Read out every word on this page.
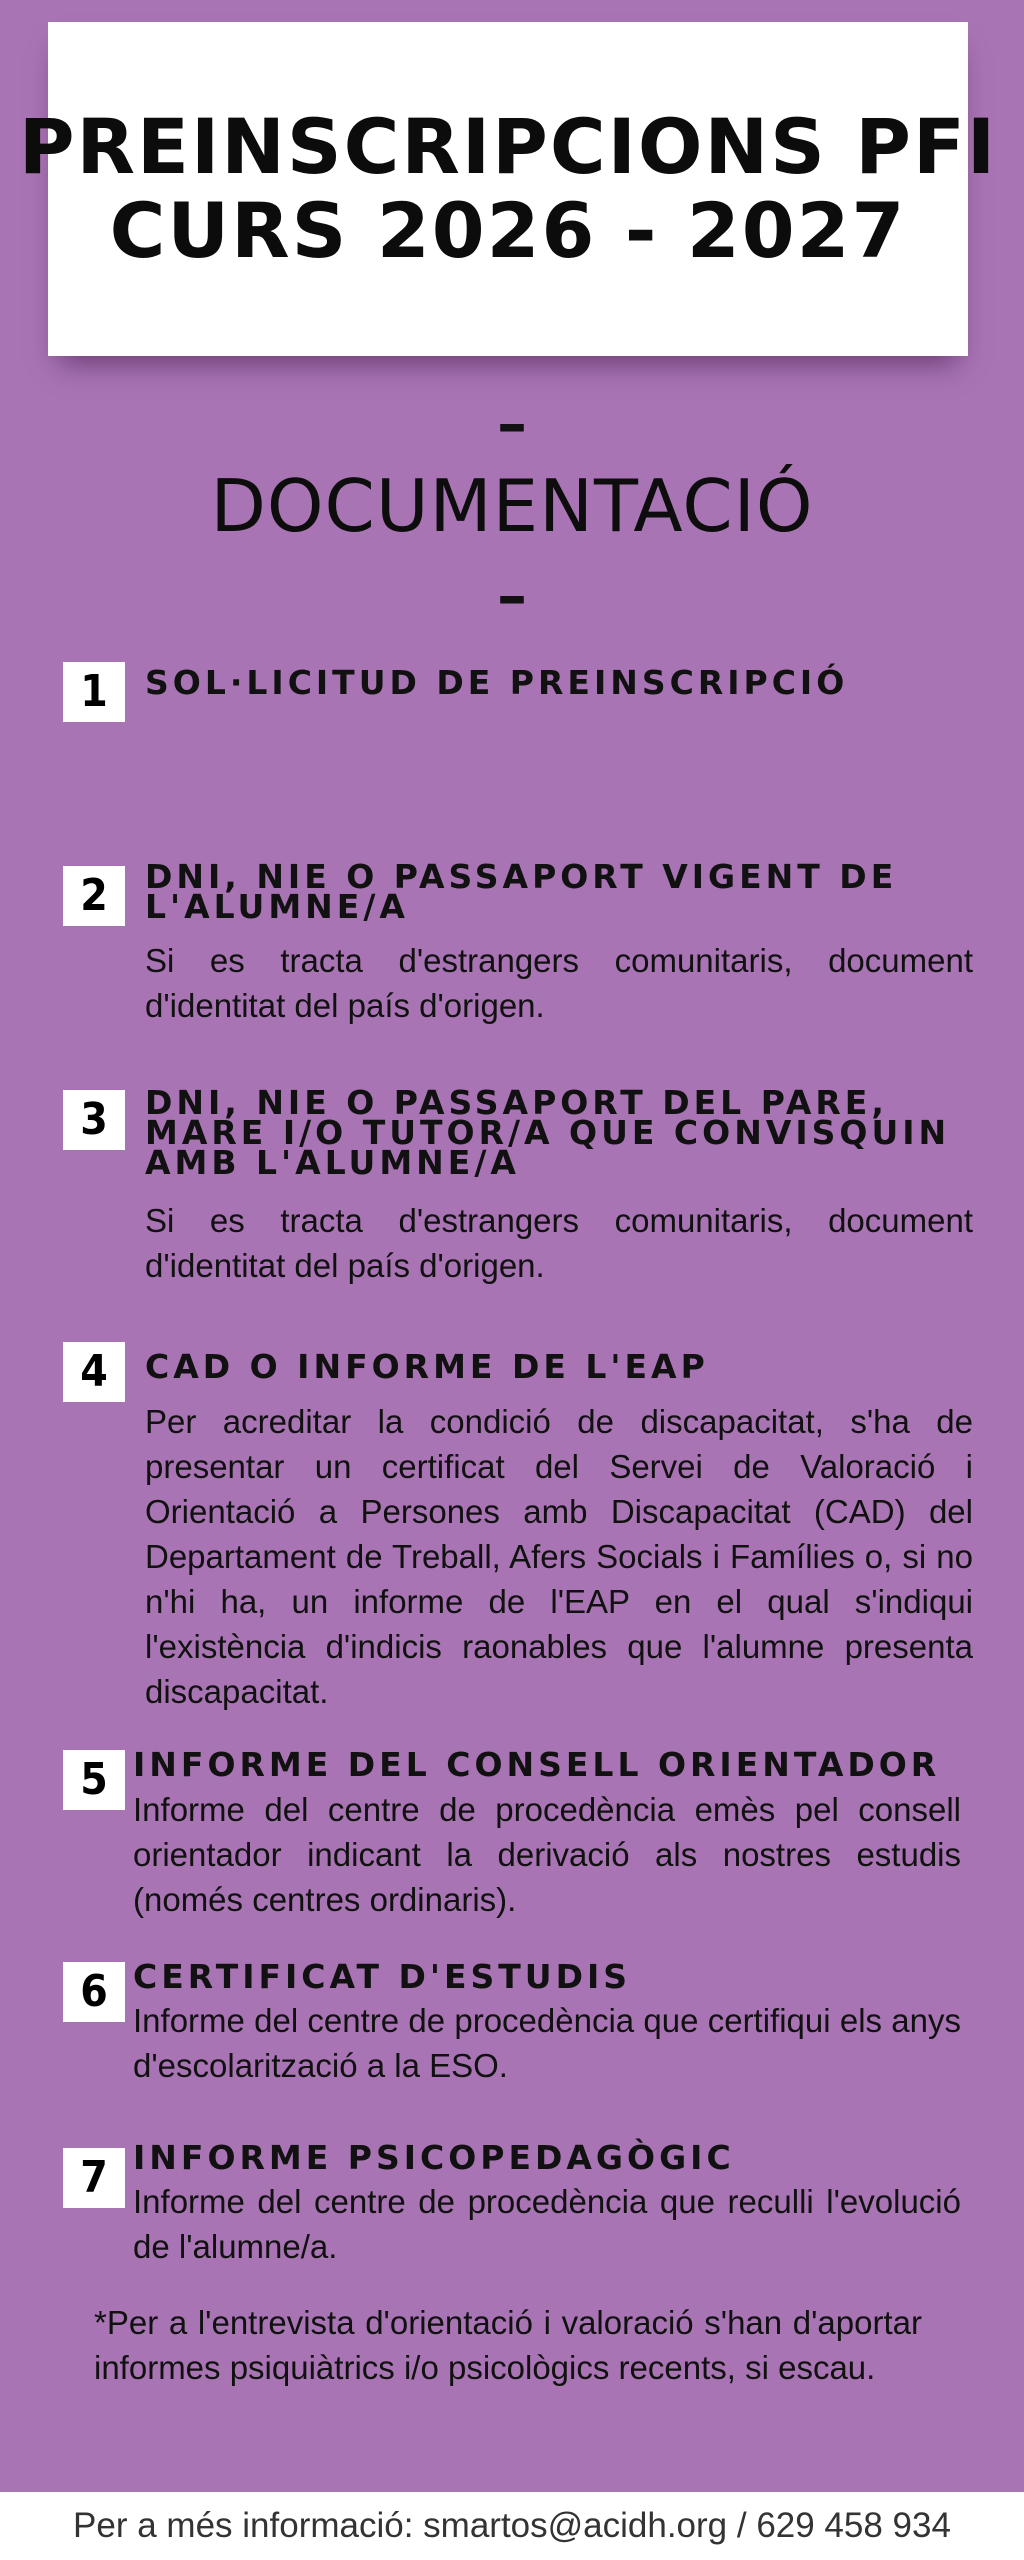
PREINSCRIPCIONS PFI
CURS 2026 - 2027
–
DOCUMENTACIÓ
–
1	SOL·LICITUD DE PREINSCRIPCIÓ
2	DNI, NIE O PASSAPORT VIGENT DE L'ALUMNE/A
Si es tracta d'estrangers comunitaris, document d'identitat del país d'origen.
3	DNI, NIE O PASSAPORT DEL PARE, MARE I/O TUTOR/A QUE CONVISQUIN AMB L'ALUMNE/A
Si es tracta d'estrangers comunitaris, document d'identitat del país d'origen.
4	CAD O INFORME DE L'EAP
Per acreditar la condició de discapacitat, s'ha de presentar un certificat del Servei de Valoració i Orientació a Persones amb Discapacitat (CAD) del Departament de Treball, Afers Socials i Famílies o, si no n'hi ha, un informe de l'EAP en el qual s'indiqui l'existència d'indicis raonables que l'alumne presenta discapacitat.
5 INFORME DEL CONSELL ORIENTADOR
Informe del centre de procedència emès pel consell orientador indicant la derivació als nostres estudis (només centres ordinaris).
6 CERTIFICAT D'ESTUDIS
Informe del centre de procedència que certifiqui els anys d'escolarització a la ESO.
7 INFORME PSICOPEDAGÒGIC
Informe del centre de procedència que reculli l'evolució de l'alumne/a.
*Per a l'entrevista d'orientació i valoració s'han d'aportar informes psiquiàtrics i/o psicològics recents, si escau.
Per a més informació: smartos@acidh.org / 629 458 934
